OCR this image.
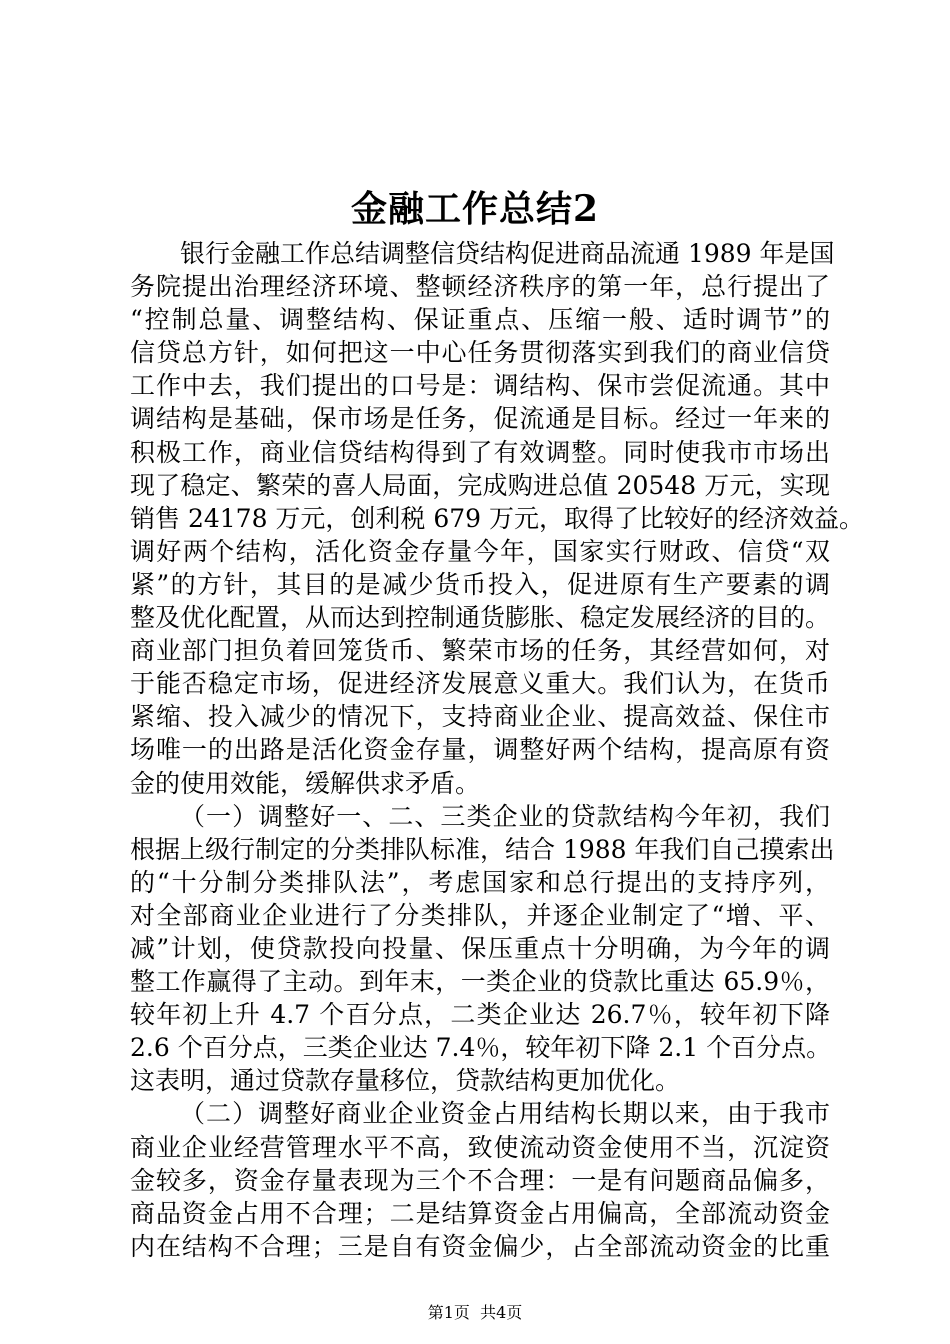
金融工作总结2
银行金融工作总结调整信贷结构促进商品流通 1989 年是国
务院提出治理经济环境、整顿经济秩序的第一年，总行提出了
“控制总量、调整结构、保证重点、压缩一般、适时调节”的
信贷总方针，如何把这一中心任务贯彻落实到我们的商业信贷
工作中去，我们提出的口号是：调结构、保市尝促流通。其中
调结构是基础，保市场是任务，促流通是目标。经过一年来的
积极工作，商业信贷结构得到了有效调整。同时使我市市场出
现了稳定、繁荣的喜人局面，完成购进总值 20548 万元，实现
销售 24178 万元，创利税 679 万元，取得了比较好的经济效益。
调好两个结构，活化资金存量今年，国家实行财政、信贷“双
紧”的方针，其目的是减少货币投入，促进原有生产要素的调
整及优化配置，从而达到控制通货膨胀、稳定发展经济的目的。
商业部门担负着回笼货币、繁荣市场的任务，其经营如何，对
于能否稳定市场，促进经济发展意义重大。我们认为，在货币
紧缩、投入减少的情况下，支持商业企业、提高效益、保住市
场唯一的出路是活化资金存量，调整好两个结构，提高原有资
金的使用效能，缓解供求矛盾。
（一）调整好一、二、三类企业的贷款结构今年初，我们
根据上级行制定的分类排队标准，结合 1988 年我们自己摸索出
的“十分制分类排队法”，考虑国家和总行提出的支持序列，
对全部商业企业进行了分类排队，并逐企业制定了“增、平、
减”计划，使贷款投向投量、保压重点十分明确，为今年的调
整工作赢得了主动。到年末，一类企业的贷款比重达 65.9％，
较年初上升 4.7 个百分点，二类企业达 26.7％，较年初下降
2.6 个百分点，三类企业达 7.4％，较年初下降 2.1 个百分点。
这表明，通过贷款存量移位，贷款结构更加优化。
（二）调整好商业企业资金占用结构长期以来，由于我市
商业企业经营管理水平不高，致使流动资金使用不当，沉淀资
金较多，资金存量表现为三个不合理：一是有问题商品偏多，
商品资金占用不合理；二是结算资金占用偏高，全部流动资金
内在结构不合理；三是自有资金偏少，占全部流动资金的比重
第1页  共4页
